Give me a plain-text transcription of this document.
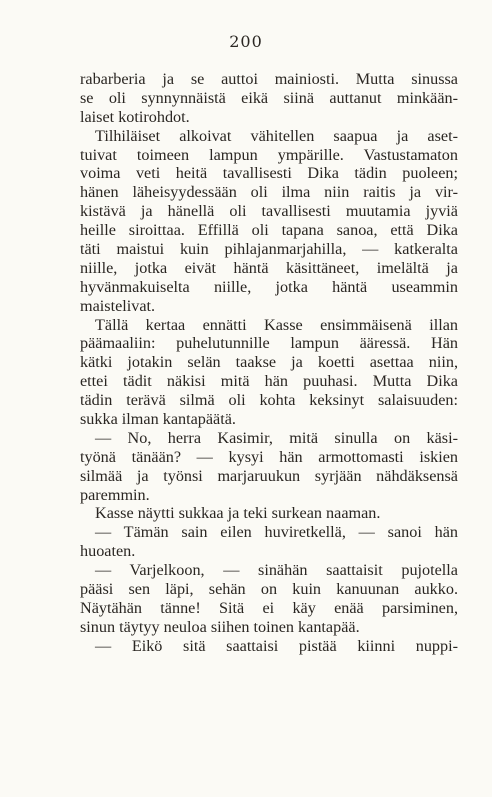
200
rabarberia ja se auttoi mainiosti. Mutta sinussa
se oli synnynnäistä eikä siinä auttanut minkään-
laiset kotirohdot.
Tilhiläiset alkoivat vähitellen saapua ja aset-
tuivat toimeen lampun ympärille. Vastustamaton
voima veti heitä tavallisesti Dika tädin puoleen;
hänen läheisyydessään oli ilma niin raitis ja vir-
kistävä ja hänellä oli tavallisesti muutamia jyviä
heille siroittaa. Effillä oli tapana sanoa, että Dika
täti maistui kuin pihlajanmarjahilla, — katkeralta
niille, jotka eivät häntä käsittäneet, imelältä ja
hyvänmakuiselta niille, jotka häntä useammin
maistelivat.
Tällä kertaa ennätti Kasse ensimmäisenä illan
päämaaliin: puhelutunnille lampun ääressä. Hän
kätki jotakin selän taakse ja koetti asettaa niin,
ettei tädit näkisi mitä hän puuhasi. Mutta Dika
tädin terävä silmä oli kohta keksinyt salaisuuden:
sukka ilman kantapäätä.
— No, herra Kasimir, mitä sinulla on käsi-
työnä tänään? — kysyi hän armottomasti iskien
silmää ja työnsi marjaruukun syrjään nähdäksensä
paremmin.
Kasse näytti sukkaa ja teki surkean naaman.
— Tämän sain eilen huviretkellä, — sanoi hän
huoaten.
— Varjelkoon, — sinähän saattaisit pujotella
pääsi sen läpi, sehän on kuin kanuunan aukko.
Näytähän tänne! Sitä ei käy enää parsiminen,
sinun täytyy neuloa siihen toinen kantapää.
— Eikö sitä saattaisi pistää kiinni nuppi-
